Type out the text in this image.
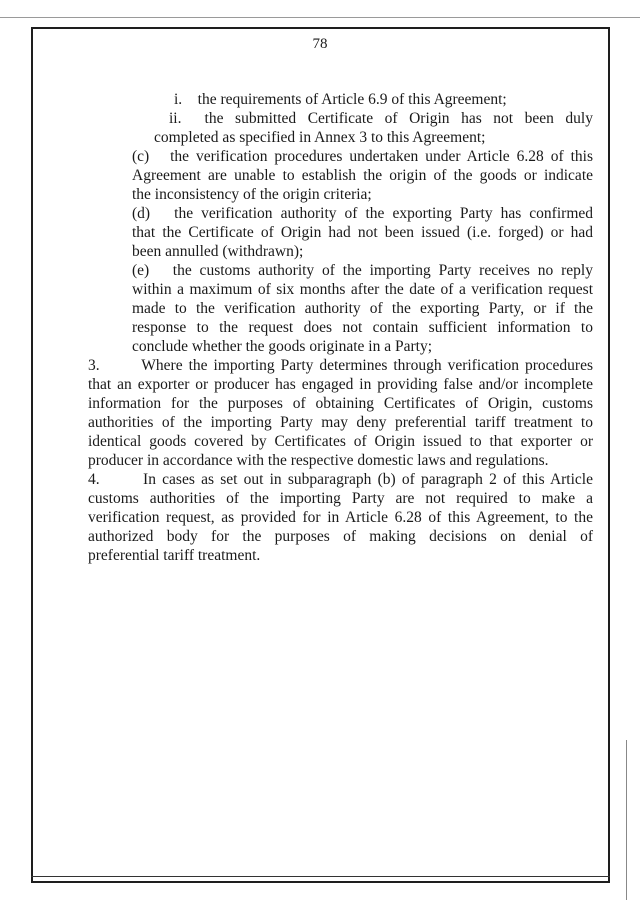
78
i.    the requirements of Article 6.9 of this Agreement;
ii.  the submitted Certificate of Origin has not been duly
completed as specified in Annex 3 to this Agreement;
(c)   the verification procedures undertaken under Article 6.28 of this
Agreement are unable to establish the origin of the goods or indicate
the inconsistency of the origin criteria;
(d)   the verification authority of the exporting Party has confirmed
that the Certificate of Origin had not been issued (i.e. forged) or had
been annulled (withdrawn);
(e)   the customs authority of the importing Party receives no reply
within a maximum of six months after the date of a verification request
made to the verification authority of the exporting Party, or if the
response to the request does not contain sufficient information to
conclude whether the goods originate in a Party;
3.       Where the importing Party determines through verification procedures
that an exporter or producer has engaged in providing false and/or incomplete
information for the purposes of obtaining Certificates of Origin, customs
authorities of the importing Party may deny preferential tariff treatment to
identical goods covered by Certificates of Origin issued to that exporter or
producer in accordance with the respective domestic laws and regulations.
4.       In cases as set out in subparagraph (b) of paragraph 2 of this Article
customs authorities of the importing Party are not required to make a
verification request, as provided for in Article 6.28 of this Agreement, to the
authorized body for the purposes of making decisions on denial of
preferential tariff treatment.
